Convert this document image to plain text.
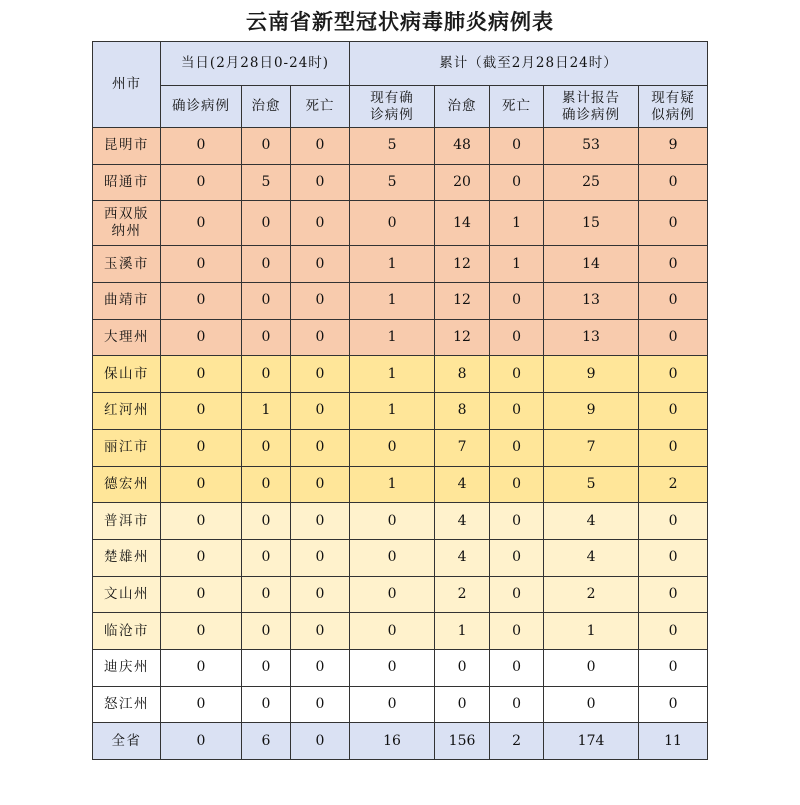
云南省新型冠状病毒肺炎病例表
州市	当日(2月28日0-24时)			累计（截至2月28日24时）				
	确诊病例	治愈	死亡	现有确诊病例	治愈	死亡	累计报告确诊病例	现有疑似病例
昆明市	0	0	0	5	48	0	53	9
昭通市	0	5	0	5	20	0	25	0
西双版纳州	0	0	0	0	14	1	15	0
玉溪市	0	0	0	1	12	1	14	0
曲靖市	0	0	0	1	12	0	13	0
大理州	0	0	0	1	12	0	13	0
保山市	0	0	0	1	8	0	9	0
红河州	0	1	0	1	8	0	9	0
丽江市	0	0	0	0	7	0	7	0
德宏州	0	0	0	1	4	0	5	2
普洱市	0	0	0	0	4	0	4	0
楚雄州	0	0	0	0	4	0	4	0
文山州	0	0	0	0	2	0	2	0
临沧市	0	0	0	0	1	0	1	0
迪庆州	0	0	0	0	0	0	0	0
怒江州	0	0	0	0	0	0	0	0
全省	0	6	0	16	156	2	174	11
